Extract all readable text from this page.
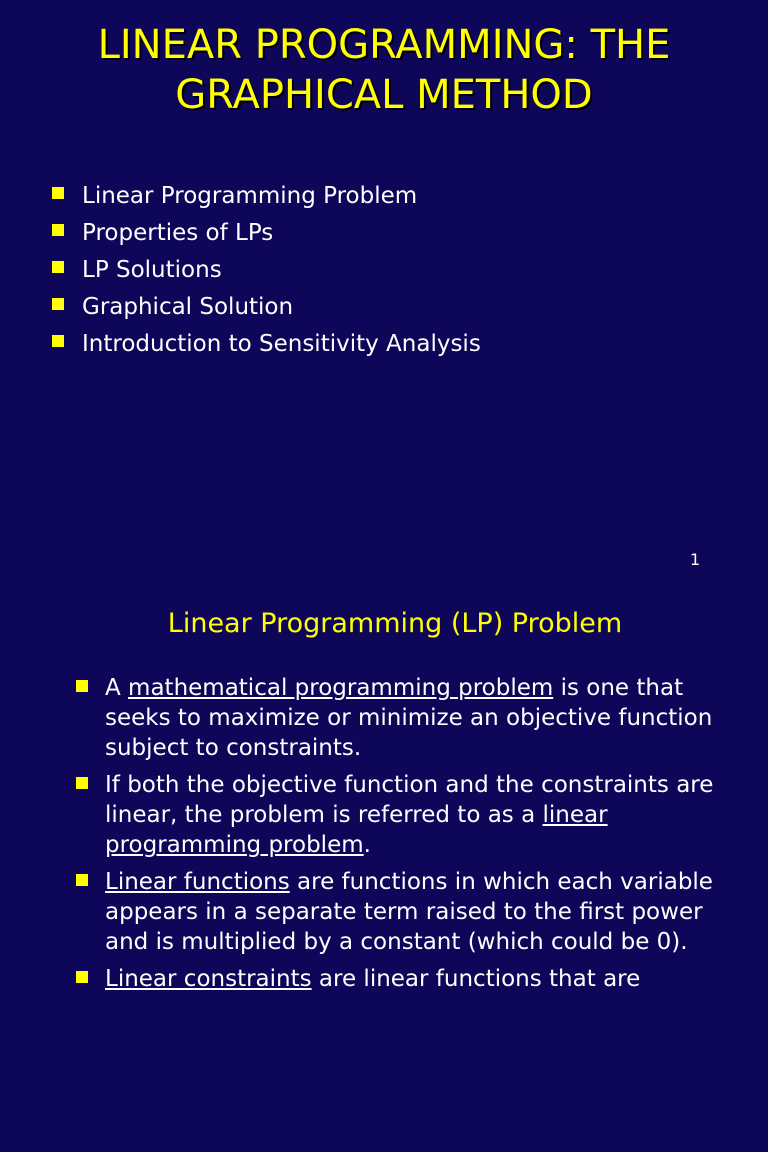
LINEAR PROGRAMMING: THE
GRAPHICAL METHOD
Linear Programming Problem
Properties of LPs
LP Solutions
Graphical Solution
Introduction to Sensitivity Analysis
1
Linear Programming (LP) Problem
A mathematical programming problem is one that seeks to maximize or minimize an objective function subject to constraints.
If both the objective function and the constraints are linear, the problem is referred to as a linear programming problem.
Linear functions are functions in which each variable appears in a separate term raised to the first power and is multiplied by a constant (which could be 0).
Linear constraints are linear functions that are
